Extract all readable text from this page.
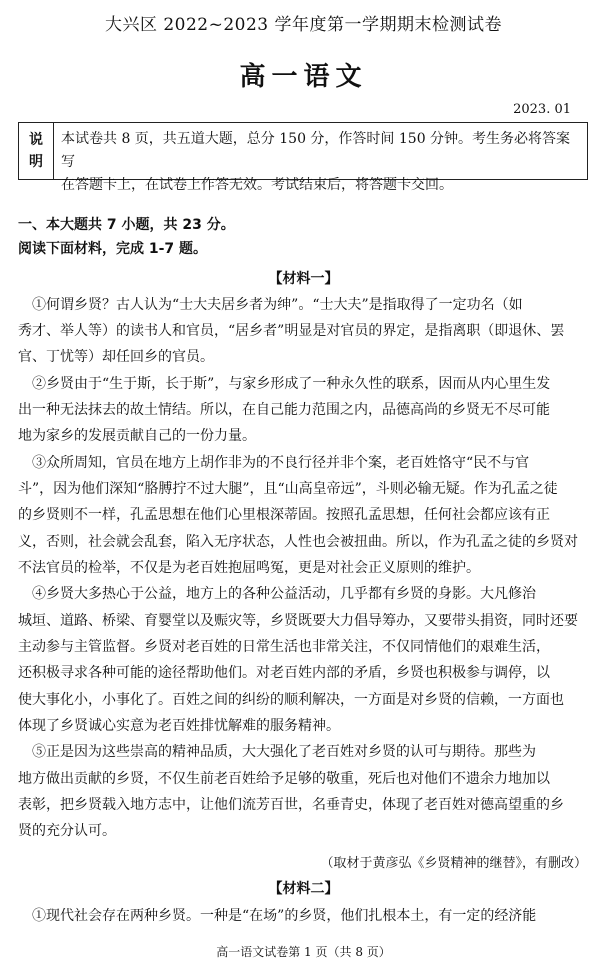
大兴区 2022~2023 学年度第一学期期末检测试卷
高一语文
2023. 01
说
明
本试卷共 8 页，共五道大题，总分 150 分，作答时间 150 分钟。考生务必将答案写
在答题卡上，在试卷上作答无效。考试结束后，将答题卡交回。
一、本大题共 7 小题，共 23 分。
阅读下面材料，完成 1-7 题。
【材料一】
①何谓乡贤？古人认为“士大夫居乡者为绅”。“士大夫”是指取得了一定功名（如
秀才、举人等）的读书人和官员，“居乡者”明显是对官员的界定，是指离职（即退休、罢
官、丁忧等）却任回乡的官员。
②乡贤由于“生于斯，长于斯”，与家乡形成了一种永久性的联系，因而从内心里生发
出一种无法抹去的故土情结。所以，在自己能力范围之内，品德高尚的乡贤无不尽可能
地为家乡的发展贡献自己的一份力量。
③众所周知，官员在地方上胡作非为的不良行径并非个案，老百姓恪守“民不与官
斗”，因为他们深知“胳膊拧不过大腿”，且“山高皇帝远”，斗则必输无疑。作为孔孟之徒
的乡贤则不一样，孔孟思想在他们心里根深蒂固。按照孔孟思想，任何社会都应该有正
义，否则，社会就会乱套，陷入无序状态，人性也会被扭曲。所以，作为孔孟之徒的乡贤对
不法官员的检举，不仅是为老百姓抱屈鸣冤，更是对社会正义原则的维护。
④乡贤大多热心于公益，地方上的各种公益活动，几乎都有乡贤的身影。大凡修治
城垣、道路、桥梁、育婴堂以及赈灾等，乡贤既要大力倡导筹办，又要带头捐资，同时还要
主动参与主管监督。乡贤对老百姓的日常生活也非常关注，不仅同情他们的艰难生活，
还积极寻求各种可能的途径帮助他们。对老百姓内部的矛盾，乡贤也积极参与调停，以
使大事化小，小事化了。百姓之间的纠纷的顺利解决，一方面是对乡贤的信赖，一方面也
体现了乡贤诚心实意为老百姓排忧解难的服务精神。
⑤正是因为这些崇高的精神品质，大大强化了老百姓对乡贤的认可与期待。那些为
地方做出贡献的乡贤，不仅生前老百姓给予足够的敬重，死后也对他们不遗余力地加以
表彰，把乡贤载入地方志中，让他们流芳百世，名垂青史，体现了老百姓对德高望重的乡
贤的充分认可。
（取材于黄彦弘《乡贤精神的继替》，有删改）
【材料二】
①现代社会存在两种乡贤。一种是“在场”的乡贤，他们扎根本土，有一定的经济能
高一语文试卷第 1 页（共 8 页）
